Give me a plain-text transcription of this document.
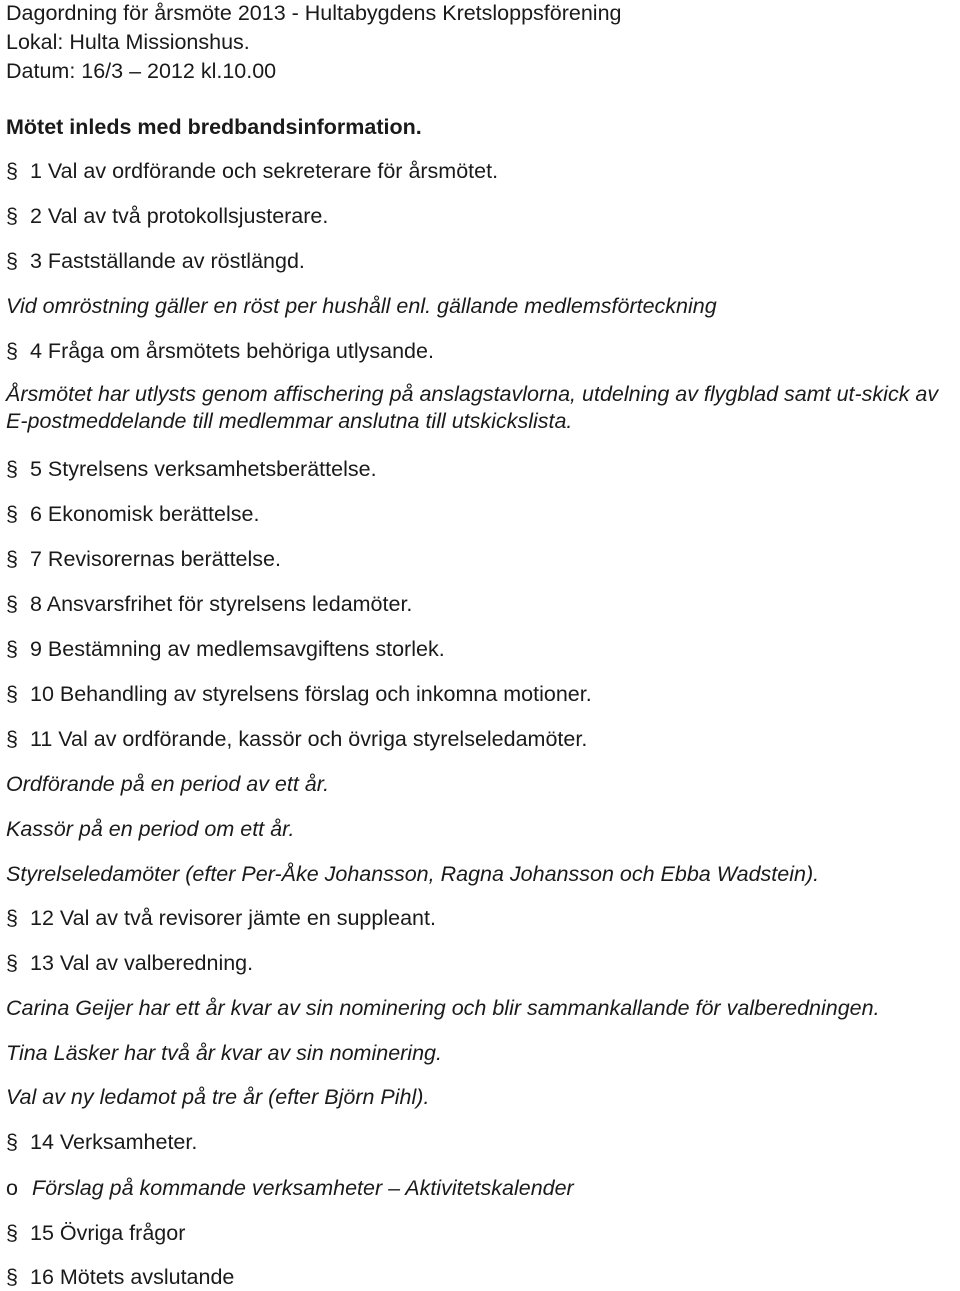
Dagordning för årsmöte 2013 - Hultabygdens Kretsloppsförening
Lokal: Hulta Missionshus.
Datum: 16/3 – 2012 kl.10.00
Mötet inleds med bredbandsinformation.
§ 1 Val av ordförande och sekreterare för årsmötet.
§ 2 Val av två protokollsjusterare.
§ 3 Fastställande av röstlängd.
Vid omröstning gäller en röst per hushåll enl. gällande medlemsförteckning
§ 4 Fråga om årsmötets behöriga utlysande.
Årsmötet har utlysts genom affischering på anslagstavlorna, utdelning av flygblad samt ut-skick av E-postmeddelande till medlemmar anslutna till utskickslista.
§ 5 Styrelsens verksamhetsberättelse.
§ 6 Ekonomisk berättelse.
§ 7 Revisorernas berättelse.
§ 8 Ansvarsfrihet för styrelsens ledamöter.
§ 9 Bestämning av medlemsavgiftens storlek.
§ 10 Behandling av styrelsens förslag och inkomna motioner.
§ 11 Val av ordförande, kassör och övriga styrelseledamöter.
Ordförande på en period av ett år.
Kassör på en period om ett år.
Styrelseledamöter (efter Per-Åke Johansson, Ragna Johansson och Ebba Wadstein).
§ 12 Val av två revisorer jämte en suppleant.
§ 13 Val av valberedning.
Carina Geijer har ett år kvar av sin nominering och blir sammankallande för valberedningen.
Tina Läsker har två år kvar av sin nominering.
Val av ny ledamot på tre år (efter Björn Pihl).
§ 14 Verksamheter.
o Förslag på kommande verksamheter – Aktivitetskalender
§ 15 Övriga frågor
§ 16 Mötets avslutande
